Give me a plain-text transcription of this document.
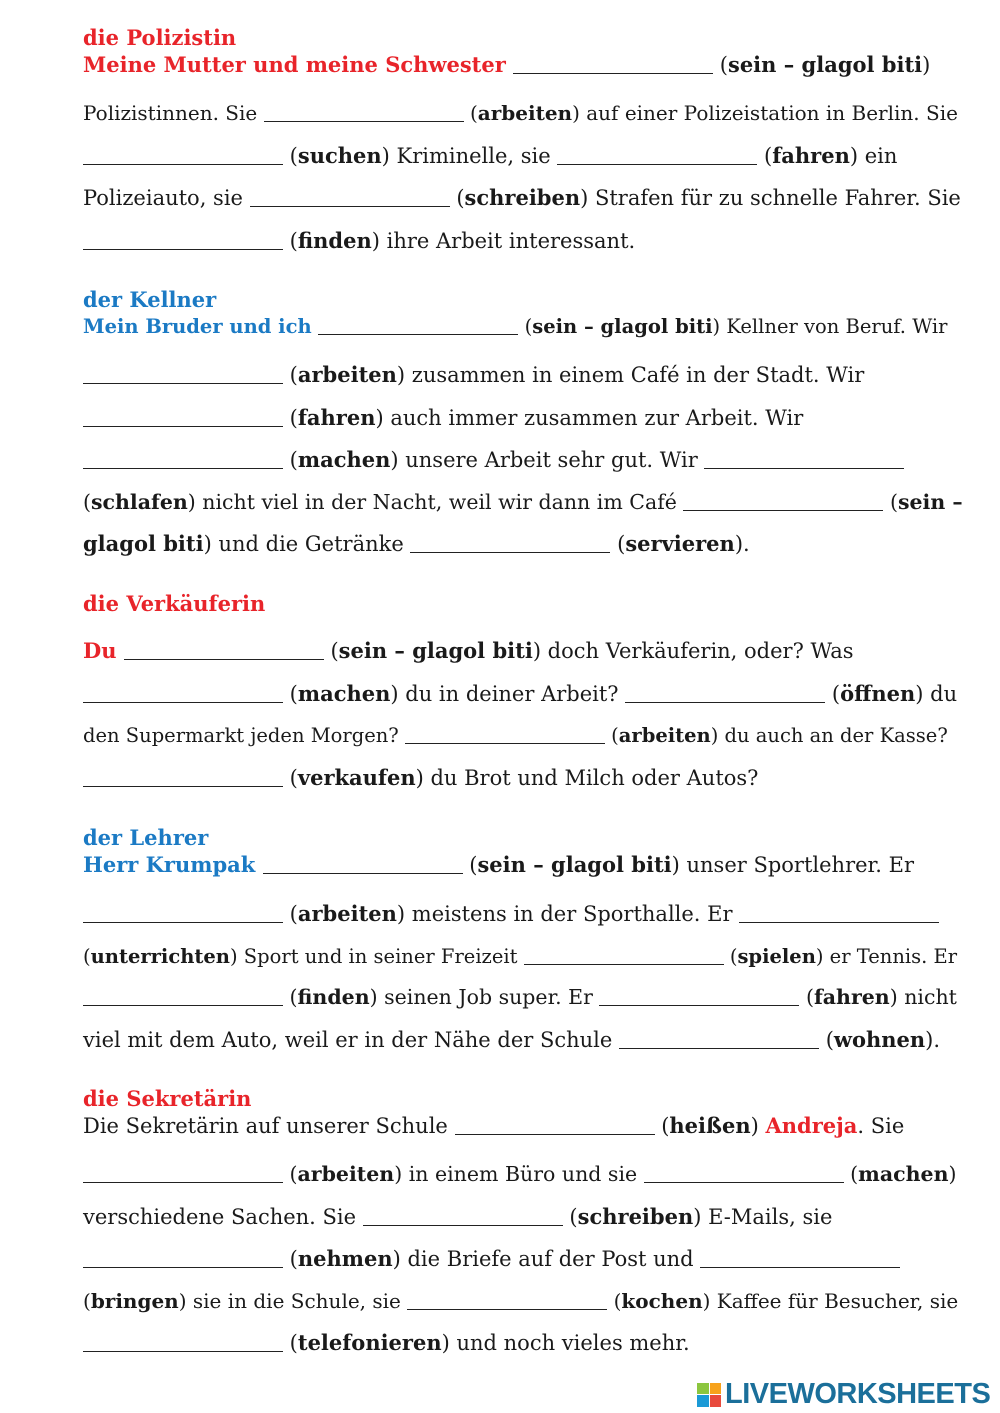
die Polizistin
Meine Mutter und meine Schwester	(sein – glagol biti)
Polizistinnen. Sie	(arbeiten) auf einer Polizeistation in Berlin. Sie
(suchen) Kriminelle, sie	(fahren) ein
Polizeiauto, sie	(schreiben) Strafen für zu schnelle Fahrer. Sie
(finden) ihre Arbeit interessant.
der Kellner
Mein Bruder und ich	(sein – glagol biti) Kellner von Beruf. Wir
(arbeiten) zusammen in einem Café in der Stadt. Wir
(fahren) auch immer zusammen zur Arbeit. Wir
(machen) unsere Arbeit sehr gut. Wir
(schlafen) nicht viel in der Nacht, weil wir dann im Café	(sein –
glagol biti) und die Getränke	(servieren).
die Verkäuferin
Du	(sein – glagol biti) doch Verkäuferin, oder? Was
(machen) du in deiner Arbeit?	(öffnen) du
den Supermarkt jeden Morgen?	(arbeiten) du auch an der Kasse?
(verkaufen) du Brot und Milch oder Autos?
der Lehrer
Herr Krumpak	(sein – glagol biti) unser Sportlehrer. Er
(arbeiten) meistens in der Sporthalle. Er
(unterrichten) Sport und in seiner Freizeit	(spielen) er Tennis. Er
(finden) seinen Job super. Er	(fahren) nicht
viel mit dem Auto, weil er in der Nähe der Schule	(wohnen).
die Sekretärin
Die Sekretärin auf unserer Schule	(heißen) Andreja. Sie
(arbeiten) in einem Büro und sie	(machen)
verschiedene Sachen. Sie	(schreiben) E-Mails, sie
(nehmen) die Briefe auf der Post und
(bringen) sie in die Schule, sie	(kochen) Kaffee für Besucher, sie
(telefonieren) und noch vieles mehr.
LIVEWORKSHEETS
